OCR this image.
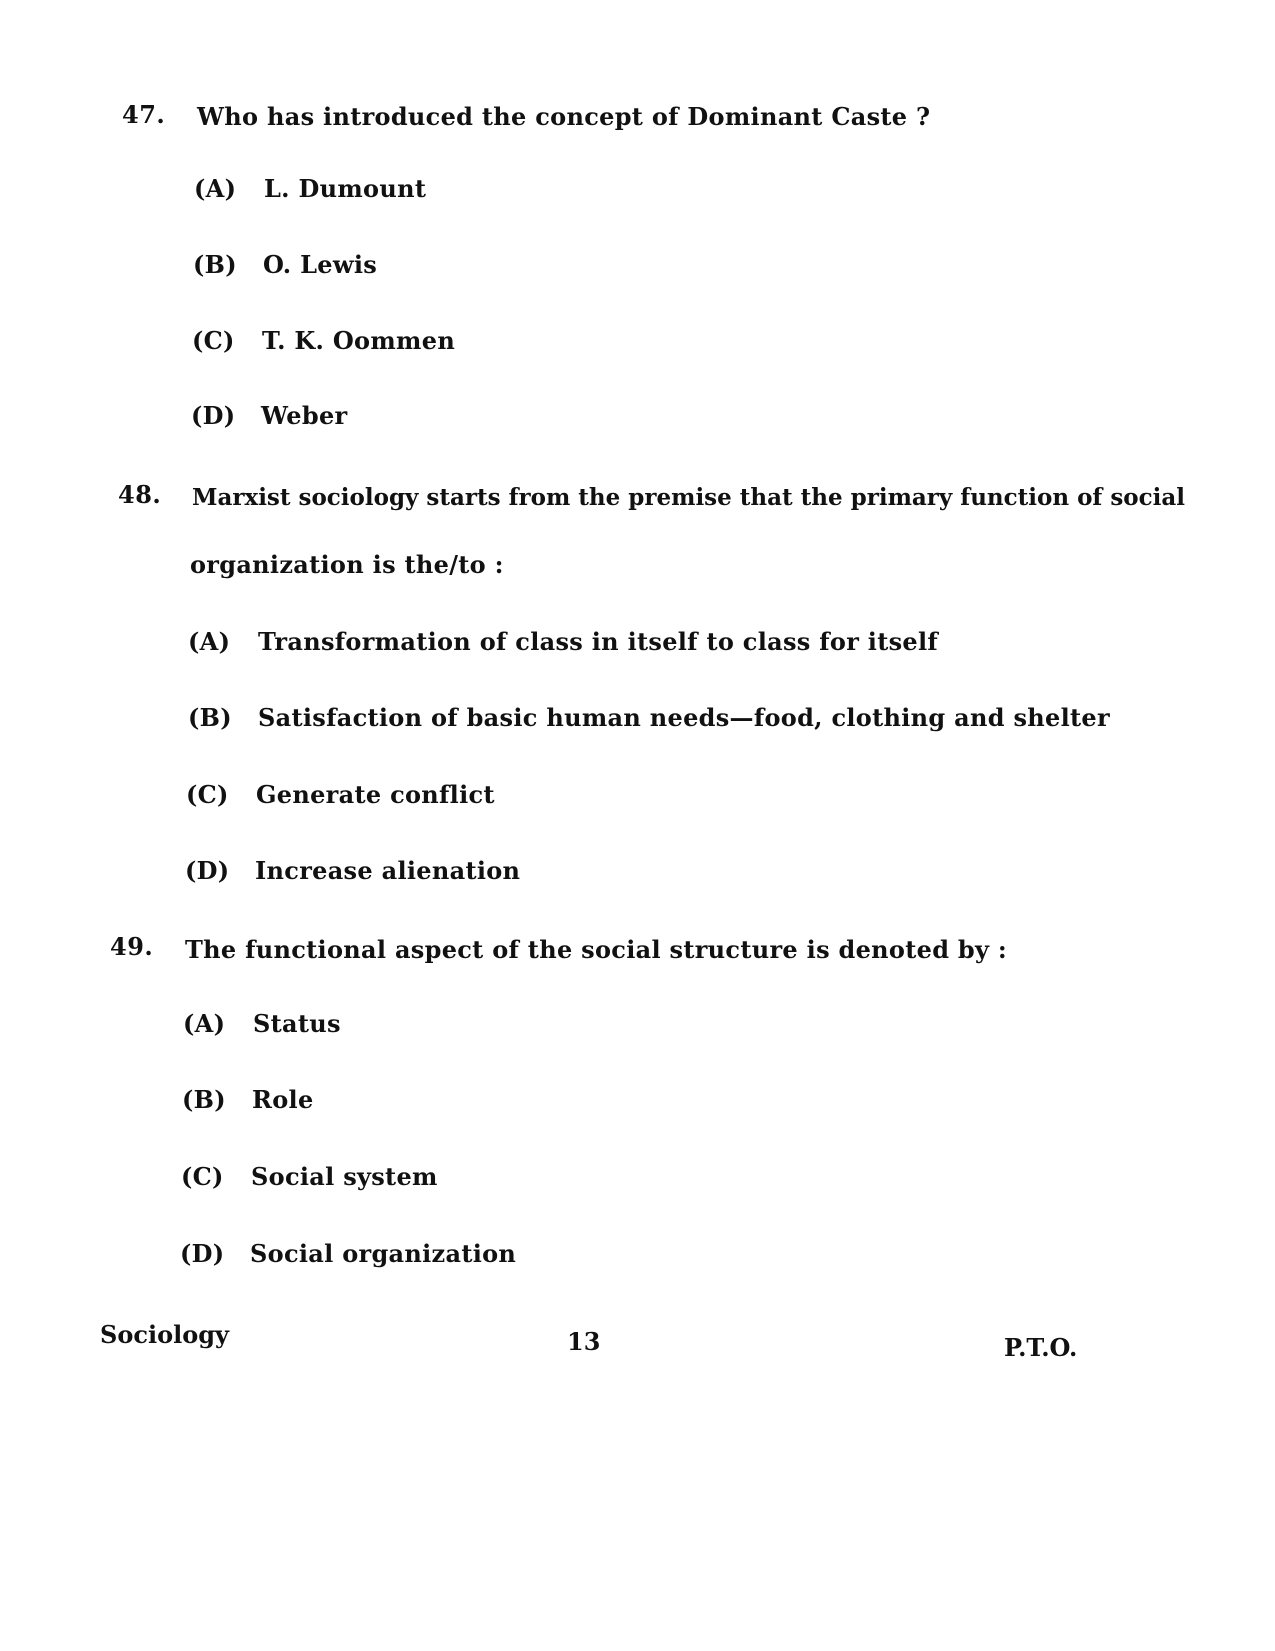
47. Who has introduced the concept of Dominant Caste ?
(A) L. Dumount
(B) O. Lewis
(C) T. K. Oommen
(D) Weber
48. Marxist sociology starts from the premise that the primary function of social
organization is the/to :
(A) Transformation of class in itself to class for itself
(B) Satisfaction of basic human needs—food, clothing and shelter
(C) Generate conflict
(D) Increase alienation
49. The functional aspect of the social structure is denoted by :
(A) Status
(B) Role
(C) Social system
(D) Social organization
Sociology	13	P.T.O.
